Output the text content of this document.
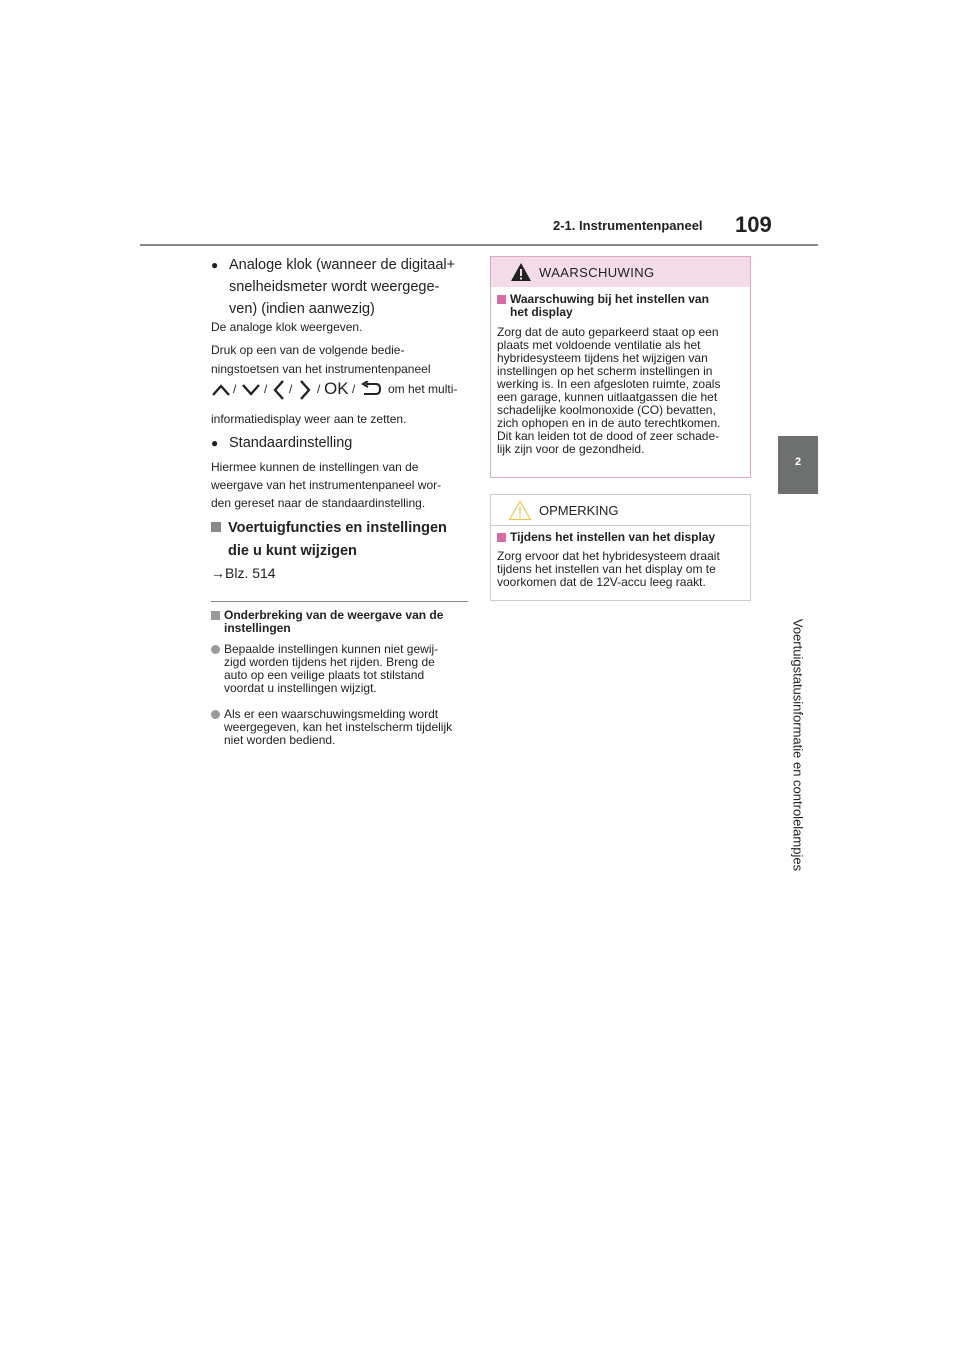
2-1. Instrumentenpaneel 109
2
Voertuigstatusinformatie en controlelampjes
● Analoge klok (wanneer de digitaal+
snelheidsmeter wordt weergege-
ven) (indien aanwezig)
De analoge klok weergeven.
Druk op een van de volgende bedie-
ningstoetsen van het instrumentenpaneel
/ / / / OK /	om het multi-
informatiedisplay weer aan te zetten.
● Standaardinstelling
Hiermee kunnen de instellingen van de
weergave van het instrumentenpaneel wor-
den gereset naar de standaardinstelling.
Voertuigfuncties en instellingen
die u kunt wijzigen
→Blz. 514
Onderbreking van de weergave van de
instellingen
Bepaalde instellingen kunnen niet gewij-
zigd worden tijdens het rijden. Breng de
auto op een veilige plaats tot stilstand
voordat u instellingen wijzigt.
Als er een waarschuwingsmelding wordt
weergegeven, kan het instelscherm tijdelijk
niet worden bediend.
WAARSCHUWING
Waarschuwing bij het instellen van
het display
Zorg dat de auto geparkeerd staat op een
plaats met voldoende ventilatie als het
hybridesysteem tijdens het wijzigen van
instellingen op het scherm instellingen in
werking is. In een afgesloten ruimte, zoals
een garage, kunnen uitlaatgassen die het
schadelijke koolmonoxide (CO) bevatten,
zich ophopen en in de auto terechtkomen.
Dit kan leiden tot de dood of zeer schade-
lijk zijn voor de gezondheid.
OPMERKING
Tijdens het instellen van het display
Zorg ervoor dat het hybridesysteem draait
tijdens het instellen van het display om te
voorkomen dat de 12V-accu leeg raakt.
